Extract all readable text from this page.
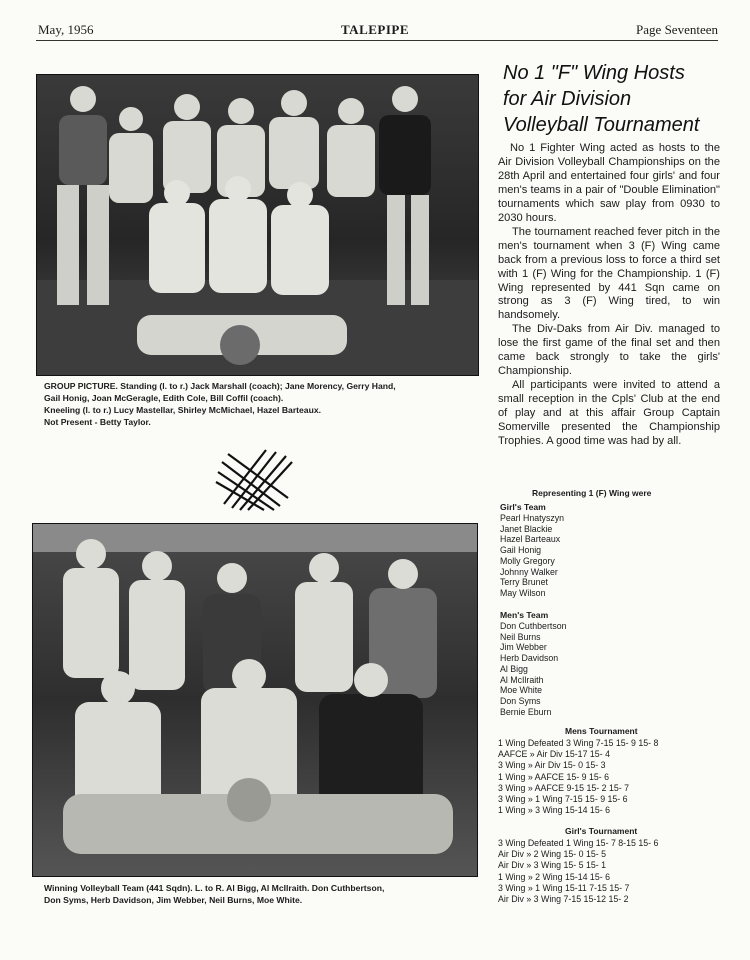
May, 1956	TALEPIPE	Page Seventeen
GROUP PICTURE. Standing (l. to r.) Jack Marshall (coach); Jane Morency, Gerry Hand,
Gail Honig, Joan McGeragle, Edith Cole, Bill Coffil (coach).
Kneeling (l. to r.) Lucy Mastellar, Shirley McMichael, Hazel Barteaux.
Not Present - Betty Taylor.
Winning Volleyball Team (441 Sqdn). L. to R. Al Bigg, Al McIlraith. Don Cuthbertson,
Don Syms, Herb Davidson, Jim Webber, Neil Burns, Moe White.
No 1 "F" Wing Hosts
for Air Division
Volleyball Tournament

No 1 Fighter Wing acted as hosts to the Air Division Volleyball Championships on the 28th April and entertained four girls' and four men's teams in a pair of "Double Elimination" tournaments which saw play from 0930 to 2030 hours.

The tournament reached fever pitch in the men's tournament when 3 (F) Wing came back from a previous loss to force a third set with 1 (F) Wing for the Championship. 1 (F) Wing represented by 441 Sqn came on strong as 3 (F) Wing tired, to win handsomely.

The Div-Daks from Air Div. managed to lose the first game of the final set and then came back strongly to take the girls' Championship.

All participants were invited to attend a small reception in the Cpls' Club at the end of play and at this affair Group Captain Somerville presented the Championship Trophies. A good time was had by all.

Representing 1 (F) Wing were
Girl's Team
Pearl Hnatyszyn
Janet Blackie
Hazel Barteaux
Gail Honig
Molly Gregory
Johnny Walker
Terry Brunet
May Wilson
Men's Team
Don Cuthbertson
Neil Burns
Jim Webber
Herb Davidson
Al Bigg
Al McIlraith
Moe White
Don Syms
Bernie Eburn
Mens Tournament
1 Wing Defeated 3 Wing 7-15 15- 9 15- 8
AAFCE » Air Div 15-17 15- 4
3 Wing » Air Div 15- 0 15- 3
1 Wing » AAFCE 15- 9 15- 6
3 Wing » AAFCE 9-15 15- 2 15- 7
3 Wing » 1 Wing 7-15 15- 9 15- 6
1 Wing » 3 Wing 15-14 15- 6
Girl's Tournament
3 Wing Defeated 1 Wing 15- 7 8-15 15- 6
Air Div » 2 Wing 15- 0 15- 5
Air Div » 3 Wing 15- 5 15- 1
1 Wing » 2 Wing 15-14 15- 6
3 Wing » 1 Wing 15-11 7-15 15- 7
Air Div » 3 Wing 7-15 15-12 15- 2
